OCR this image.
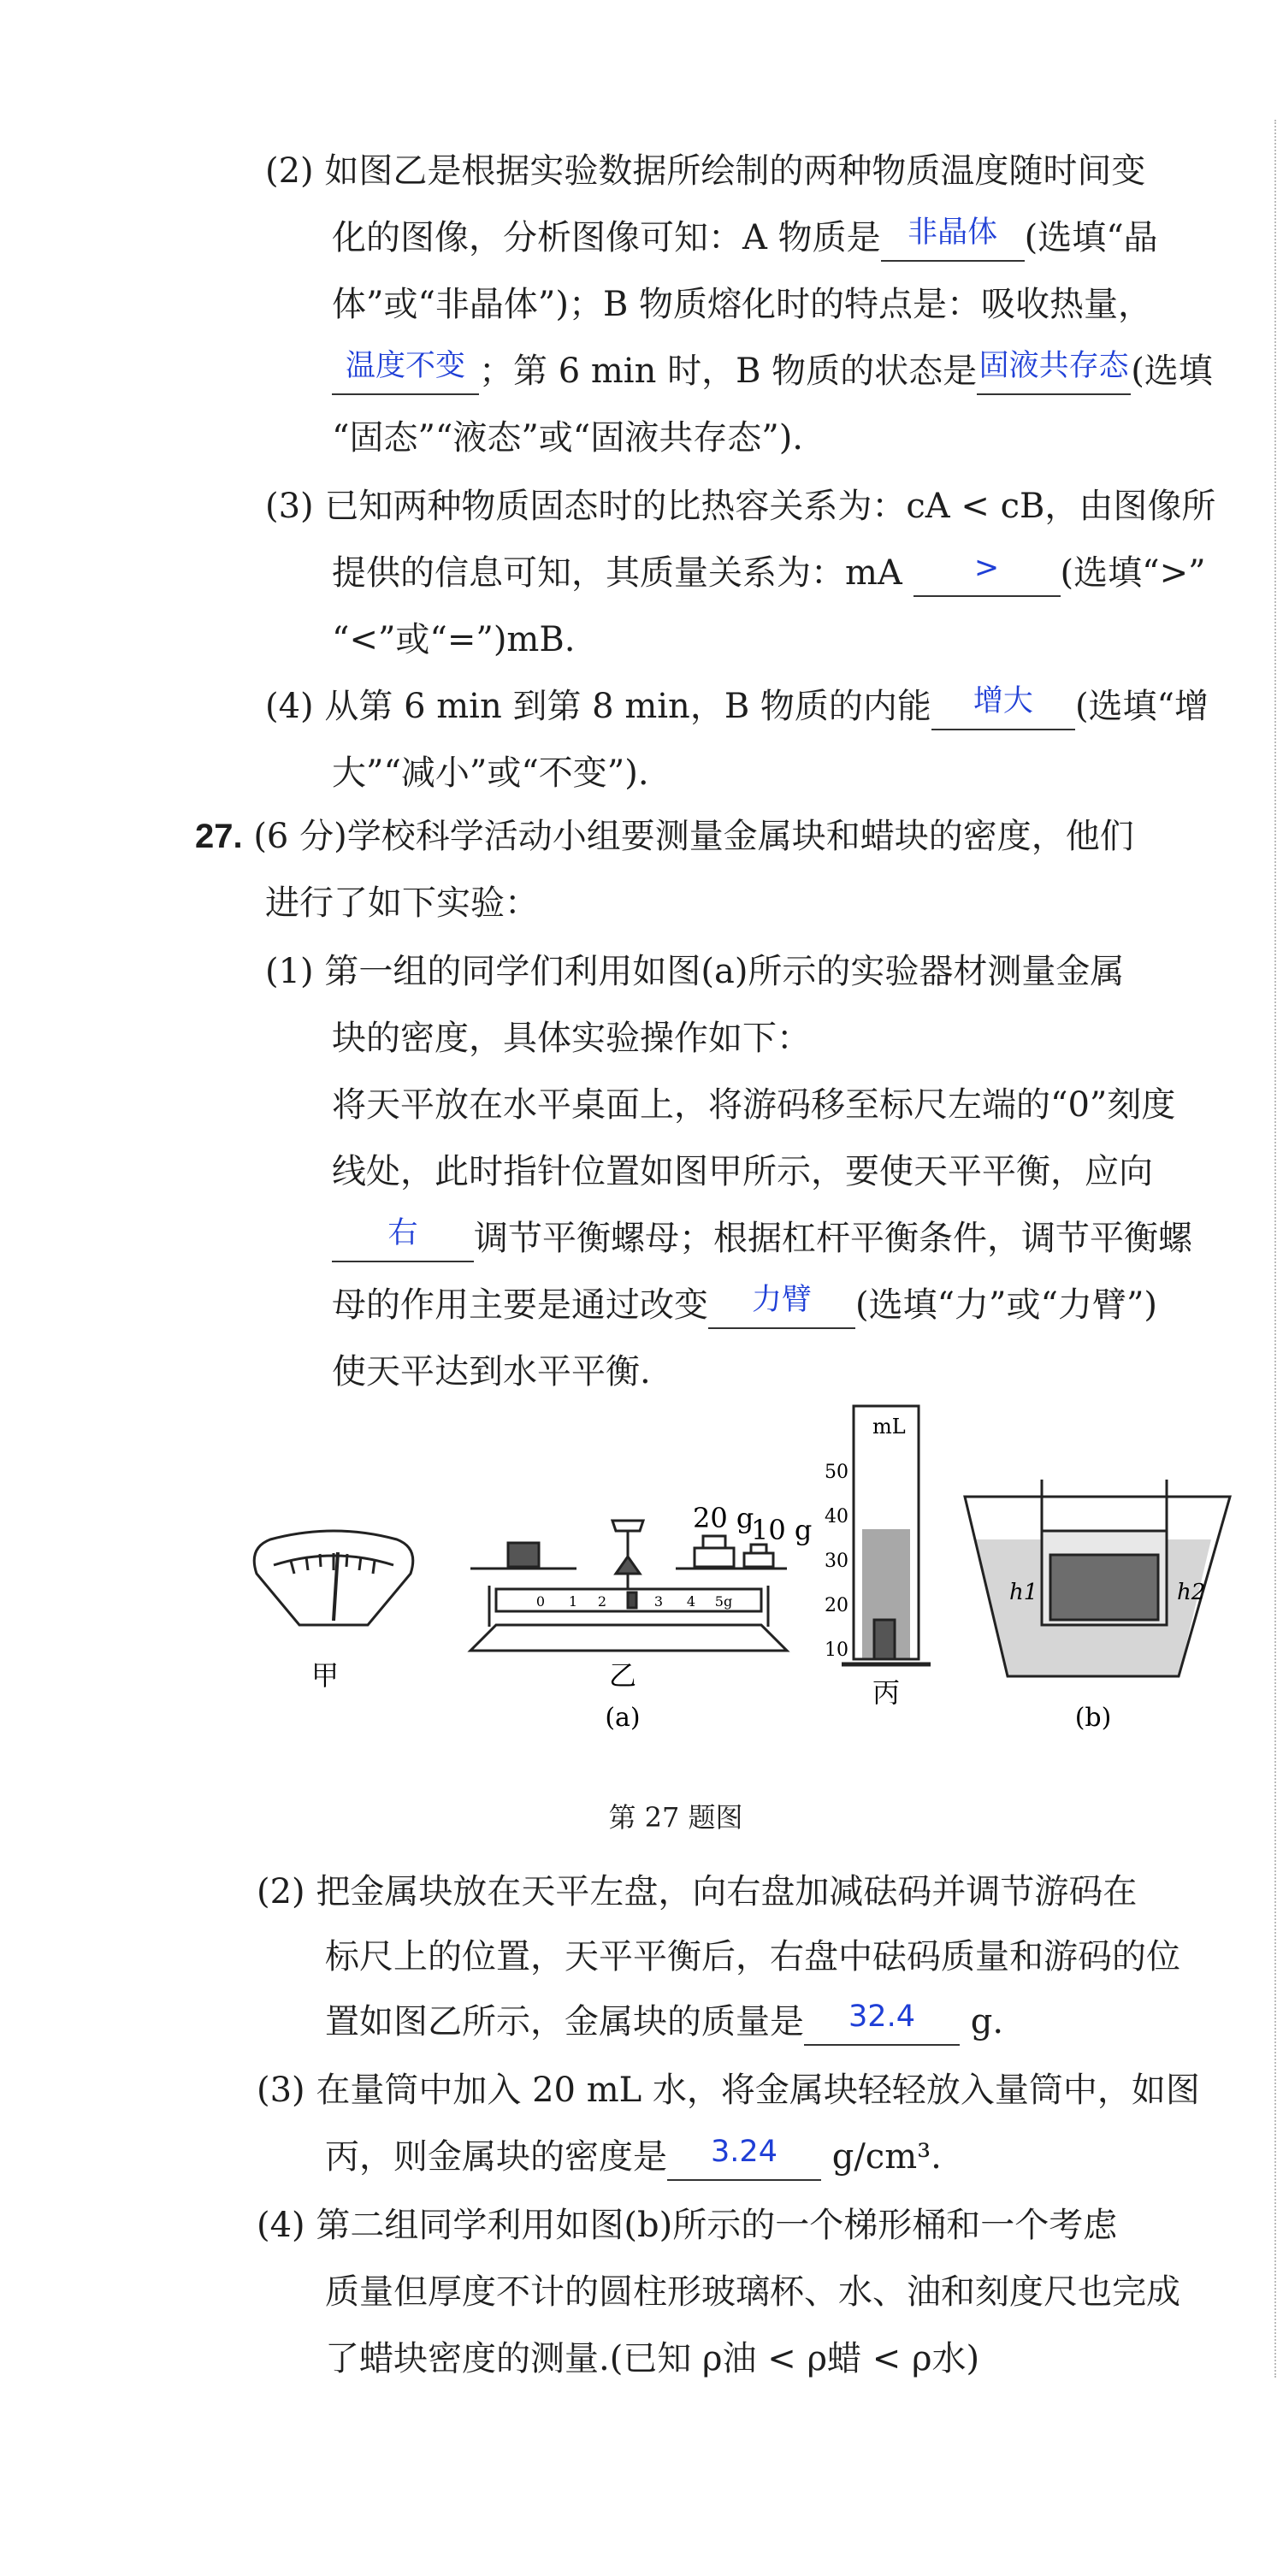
(2) 如图乙是根据实验数据所绘制的两种物质温度随时间变
化的图像，分析图像可知：A 物质是 非晶体 (选填“晶
体”或“非晶体”)；B 物质熔化时的特点是：吸收热量，
温度不变 ；第 6 min 时，B 物质的状态是 固液共存态 (选填
“固态”“液态”或“固液共存态”).
(3) 已知两种物质固态时的比热容关系为：cA < cB，由图像所
提供的信息可知，其质量关系为：mA	>	(选填“>”
“<”或“=”)mB.
(4) 从第 6 min 到第 8 min，B 物质的内能	增大	(选填“增
大”“减小”或“不变”).
27. (6 分)学校科学活动小组要测量金属块和蜡块的密度，他们
进行了如下实验：
(1) 第一组的同学们利用如图(a)所示的实验器材测量金属
块的密度，具体实验操作如下：
将天平放在水平桌面上，将游码移至标尺左端的“0”刻度
线处，此时指针位置如图甲所示，要使天平平衡，应向
右	调节平衡螺母；根据杠杆平衡条件，调节平衡螺
母的作用主要是通过改变	力臂	(选填“力”或“力臂”)
使天平达到水平平衡.
甲
20 g
10 g
0 1 2	3 4 5g
乙
(a)
mL
50
40
30
20
10
丙
h1	h2
(b)
第 27 题图
(2) 把金属块放在天平左盘，向右盘加减砝码并调节游码在
标尺上的位置，天平平衡后，右盘中砝码质量和游码的位
置如图乙所示，金属块的质量是	32.4	g.
(3) 在量筒中加入 20 mL 水，将金属块轻轻放入量筒中，如图
丙，则金属块的密度是	3.24	g/cm³.
(4) 第二组同学利用如图(b)所示的一个梯形桶和一个考虑
质量但厚度不计的圆柱形玻璃杯、水、油和刻度尺也完成
了蜡块密度的测量.(已知 ρ油 < ρ蜡 < ρ水)
